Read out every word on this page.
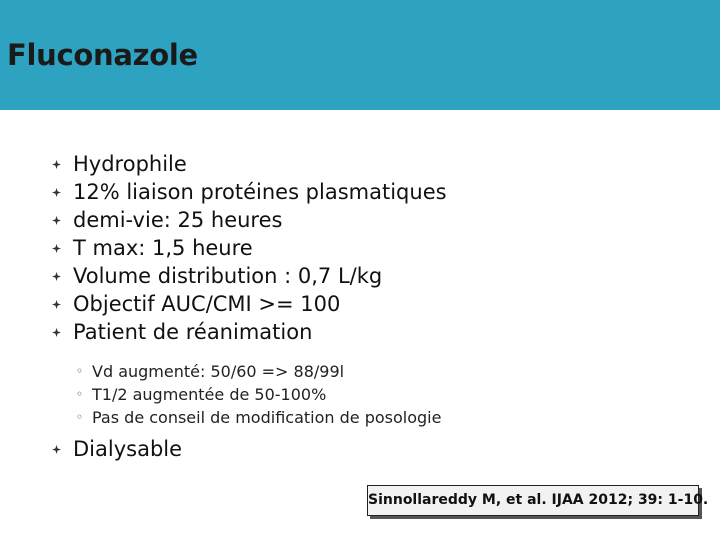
Fluconazole
Hydrophile
12% liaison protéines plasmatiques
demi-vie: 25 heures
T max: 1,5 heure
Volume distribution : 0,7 L/kg
Objectif AUC/CMI >= 100
Patient de réanimation
◦ Vd augmenté: 50/60 => 88/99l
◦ T1/2 augmentée de 50-100%
◦ Pas de conseil de modification de posologie
Dialysable
Sinnollareddy M, et al. IJAA 2012; 39: 1-10.
